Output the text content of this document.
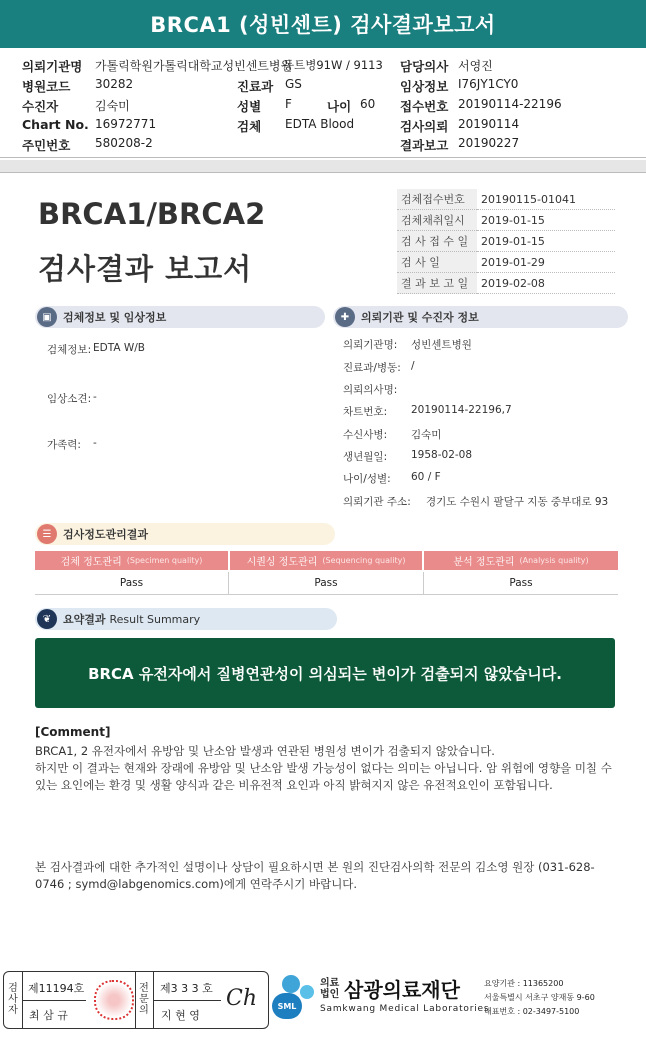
BRCA1 (성빈센트) 검사결과보고서
의뢰기관명 가톨릭학원가톨릭대학교성빈센트병원
동트병91W / 9113
병원코드 30282
수진자	김숙미
Chart No. 16972771
주민번호 580208-2
진료과 GS
성별 F	나이 60
검체 EDTA Blood
담당의사 서영진
임상정보 I76JY1CY0
접수번호 20190114-22196
검사의뢰 20190114
결과보고 20190227
BRCA1/BRCA2
검사결과 보고서
검체접수번호	20190115-01041
검체채취일시	2019-01-15
검 사 접 수 일	2019-01-15
검 사 일	2019-01-29
결 과 보 고 일	2019-02-08
▣	검체정보 및 임상정보
검체정보: EDTA W/B
임상소견: -
가족력: -
✚	의뢰기관 및 수진자 정보
의뢰기관명: 성빈센트병원
진료과/병동: /
의뢰의사명:
차트번호: 20190114-22196,7
수신사병: 김숙미
생년월일: 1958-02-08
나이/성별: 60 / F
의뢰기관 주소: 경기도 수원시 팔달구 지동 중부대로 93
☰	검사정도관리결과
검체 정도관리 (Specimen quality)	시퀀싱 정도관리 (Sequencing quality)	분석 정도관리 (Analysis quality)
Pass	Pass	Pass
❦	요약결과 Result Summary
BRCA 유전자에서 질병연관성이 의심되는 변이가 검출되지 않았습니다.
[Comment]
BRCA1, 2 유전자에서 유방암 및 난소암 발생과 연관된 병원성 변이가 검출되지 않았습니다.
하지만 이 결과는 현재와 장래에 유방암 및 난소암 발생 가능성이 없다는 의미는 아닙니다. 암 위험에 영향을 미칠 수 있는 요인에는 환경 및 생활 양식과 같은 비유전적 요인과 아직 밝혀지지 않은 유전적요인이 포함됩니다.
본 검사결과에 대한 추가적인 설명이나 상담이 필요하시면 본 원의 진단검사의학 전문의 김소영 원장 (031-628-0746 ; symd@labgenomics.com)에게 연락주시기 바랍니다.
검사자
제11194호
최 삼 규
전문의
제3 3 3 호
지 현 영
Ch	SML
의료법인 삼광의료재단
Samkwang Medical Laboratories
요양기관 : 11365200
서울특별시 서초구 양재동 9-60
대표번호 : 02-3497-5100
